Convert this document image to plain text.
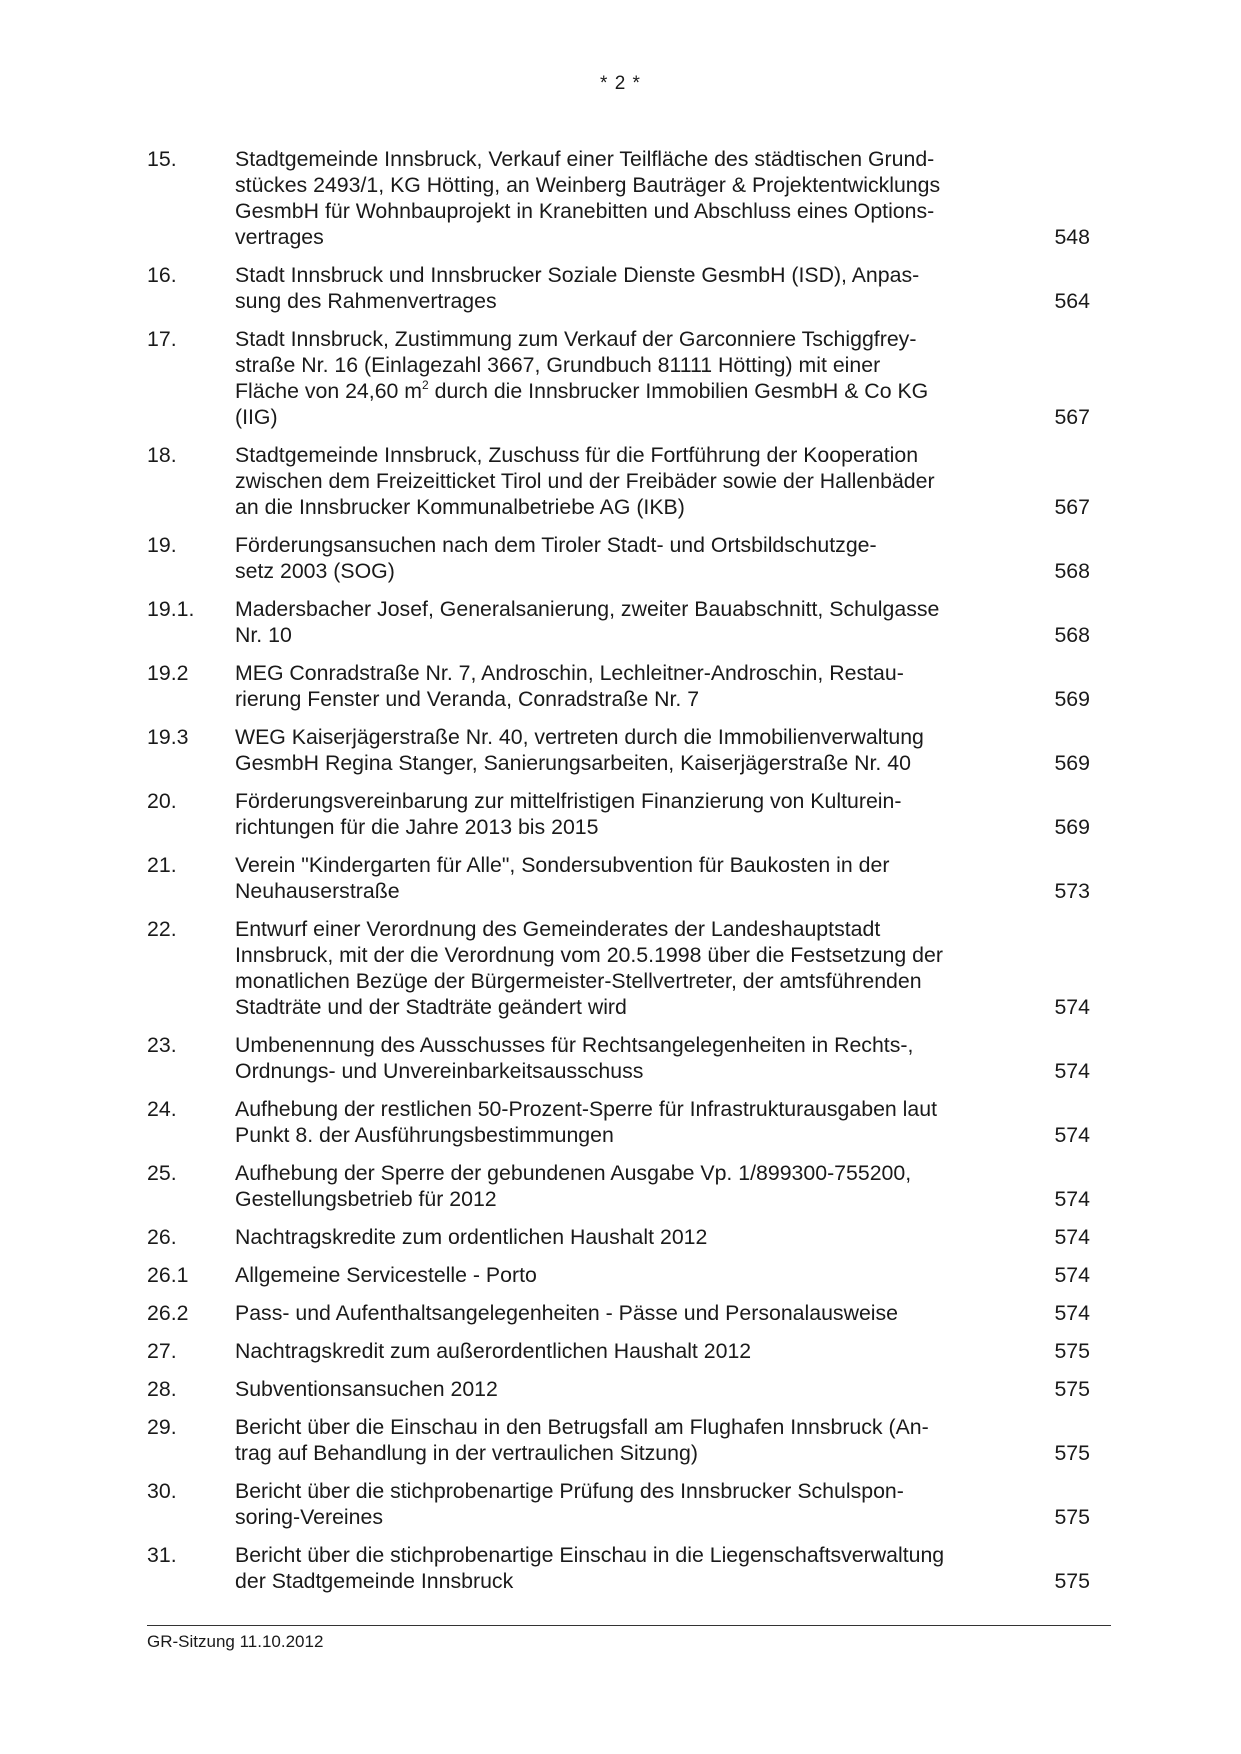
* 2 *
15.	Stadtgemeinde Innsbruck, Verkauf einer Teilfläche des städtischen Grund-
stückes 2493/1, KG Hötting, an Weinberg Bauträger & Projektentwicklungs
GesmbH für Wohnbauprojekt in Kranebitten und Abschluss eines Options-
vertrages	548
16.	Stadt Innsbruck und Innsbrucker Soziale Dienste GesmbH (ISD), Anpas-
sung des Rahmenvertrages	564
17.	Stadt Innsbruck, Zustimmung zum Verkauf der Garconniere Tschiggfrey-
straße Nr. 16 (Einlagezahl 3667, Grundbuch 81111 Hötting) mit einer
Fläche von 24,60 $m^2$ durch die Innsbrucker Immobilien GesmbH & Co KG
(IIG)	567
18.	Stadtgemeinde Innsbruck, Zuschuss für die Fortführung der Kooperation
zwischen dem Freizeitticket Tirol und der Freibäder sowie der Hallenbäder
an die Innsbrucker Kommunalbetriebe AG (IKB)	567
19.	Förderungsansuchen nach dem Tiroler Stadt- und Ortsbildschutzge-
setz 2003 (SOG)	568
19.1.	Madersbacher Josef, Generalsanierung, zweiter Bauabschnitt, Schulgasse
Nr. 10	568
19.2	MEG Conradstraße Nr. 7, Androschin, Lechleitner-Androschin, Restau-
rierung Fenster und Veranda, Conradstraße Nr. 7	569
19.3	WEG Kaiserjägerstraße Nr. 40, vertreten durch die Immobilienverwaltung
GesmbH Regina Stanger, Sanierungsarbeiten, Kaiserjägerstraße Nr. 40	569
20.	Förderungsvereinbarung zur mittelfristigen Finanzierung von Kulturein-
richtungen für die Jahre 2013 bis 2015	569
21.	Verein "Kindergarten für Alle", Sondersubvention für Baukosten in der
Neuhauserstraße	573
22.	Entwurf einer Verordnung des Gemeinderates der Landeshauptstadt
Innsbruck, mit der die Verordnung vom 20.5.1998 über die Festsetzung der
monatlichen Bezüge der Bürgermeister-Stellvertreter, der amtsführenden
Stadträte und der Stadträte geändert wird	574
23.	Umbenennung des Ausschusses für Rechtsangelegenheiten in Rechts-,
Ordnungs- und Unvereinbarkeitsausschuss	574
24.	Aufhebung der restlichen 50-Prozent-Sperre für Infrastrukturausgaben laut
Punkt 8. der Ausführungsbestimmungen	574
25.	Aufhebung der Sperre der gebundenen Ausgabe Vp. 1/899300-755200,
Gestellungsbetrieb für 2012	574
26.	Nachtragskredite zum ordentlichen Haushalt 2012	574
26.1	Allgemeine Servicestelle - Porto	574
26.2	Pass- und Aufenthaltsangelegenheiten - Pässe und Personalausweise	574
27.	Nachtragskredit zum außerordentlichen Haushalt 2012	575
28.	Subventionsansuchen 2012	575
29.	Bericht über die Einschau in den Betrugsfall am Flughafen Innsbruck (An-
trag auf Behandlung in der vertraulichen Sitzung)	575
30.	Bericht über die stichprobenartige Prüfung des Innsbrucker Schulspon-
soring-Vereines	575
31.	Bericht über die stichprobenartige Einschau in die Liegenschaftsverwaltung
der Stadtgemeinde Innsbruck	575
GR-Sitzung 11.10.2012
